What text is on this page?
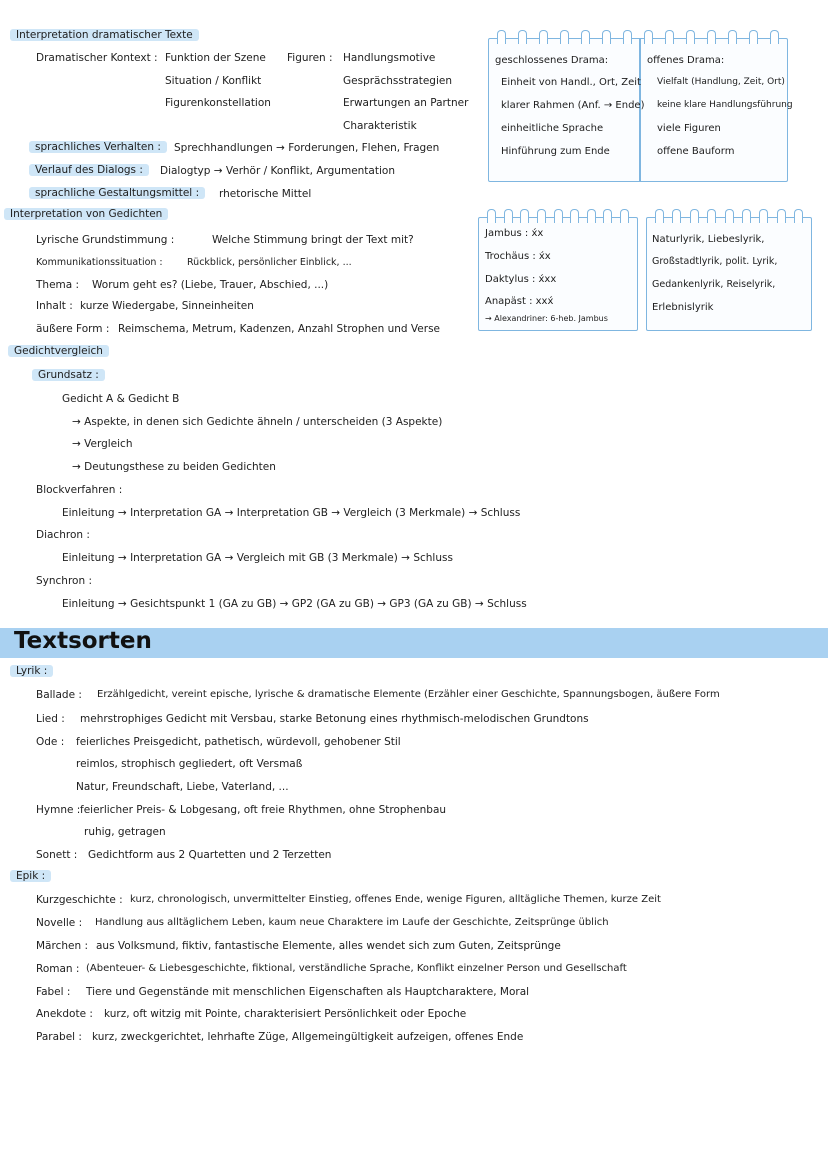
Interpretation dramatischer Texte
Dramatischer Kontext : Funktion der Szene
Situation / Konflikt
Figurenkonstellation
Figuren : Handlungsmotive
Gesprächsstrategien
Erwartungen an Partner
Charakteristik
sprachliches Verhalten :	Sprechhandlungen → Forderungen, Flehen, Fragen
Verlauf des Dialogs :	Dialogtyp → Verhör / Konflikt, Argumentation
sprachliche Gestaltungsmittel :	rhetorische Mittel
geschlossenes Drama:
Einheit von Handl., Ort, Zeit
klarer Rahmen (Anf. → Ende)
einheitliche Sprache
Hinführung zum Ende
offenes Drama:
Vielfalt (Handlung, Zeit, Ort)
keine klare Handlungsführung
viele Figuren
offene Bauform
Interpretation von Gedichten
Lyrische Grundstimmung :	Welche Stimmung bringt der Text mit?
Kommunikationssituation :	Rückblick, persönlicher Einblick, ...
Thema : Worum geht es? (Liebe, Trauer, Abschied, ...)
Inhalt : kurze Wiedergabe, Sinneinheiten
äußere Form : Reimschema, Metrum, Kadenzen, Anzahl Strophen und Verse
Jambus : x́x
Trochäus : x́x
Daktylus : x́xx
Anapäst : xxx́
→ Alexandriner: 6-heb. Jambus
Naturlyrik, Liebeslyrik,
Großstadtlyrik, polit. Lyrik,
Gedankenlyrik, Reiselyrik,
Erlebnislyrik
Gedichtvergleich
Grundsatz :
Gedicht A & Gedicht B
→ Aspekte, in denen sich Gedichte ähneln / unterscheiden (3 Aspekte)
→ Vergleich
→ Deutungsthese zu beiden Gedichten
Blockverfahren :
Einleitung → Interpretation GA → Interpretation GB → Vergleich (3 Merkmale) → Schluss
Diachron :
Einleitung → Interpretation GA → Vergleich mit GB (3 Merkmale) → Schluss
Synchron :
Einleitung → Gesichtspunkt 1 (GA zu GB) → GP2 (GA zu GB) → GP3 (GA zu GB) → Schluss
Textsorten
Lyrik :
Ballade : Erzählgedicht, vereint epische, lyrische & dramatische Elemente (Erzähler einer Geschichte, Spannungsbogen, äußere Form
Lied : mehrstrophiges Gedicht mit Versbau, starke Betonung eines rhythmisch-melodischen Grundtons
Ode : feierliches Preisgedicht, pathetisch, würdevoll, gehobener Stil
reimlos, strophisch gegliedert, oft Versmaß
Natur, Freundschaft, Liebe, Vaterland, ...
Hymne : feierlicher Preis- & Lobgesang, oft freie Rhythmen, ohne Strophenbau
ruhig, getragen
Sonett : Gedichtform aus 2 Quartetten und 2 Terzetten
Epik :
Kurzgeschichte : kurz, chronologisch, unvermittelter Einstieg, offenes Ende, wenige Figuren, alltägliche Themen, kurze Zeit
Novelle : Handlung aus alltäglichem Leben, kaum neue Charaktere im Laufe der Geschichte, Zeitsprünge üblich
Märchen : aus Volksmund, fiktiv, fantastische Elemente, alles wendet sich zum Guten, Zeitsprünge
Roman : (Abenteuer- & Liebesgeschichte, fiktional, verständliche Sprache, Konflikt einzelner Person und Gesellschaft
Fabel : Tiere und Gegenstände mit menschlichen Eigenschaften als Hauptcharaktere, Moral
Anekdote : kurz, oft witzig mit Pointe, charakterisiert Persönlichkeit oder Epoche
Parabel : kurz, zweckgerichtet, lehrhafte Züge, Allgemeingültigkeit aufzeigen, offenes Ende
